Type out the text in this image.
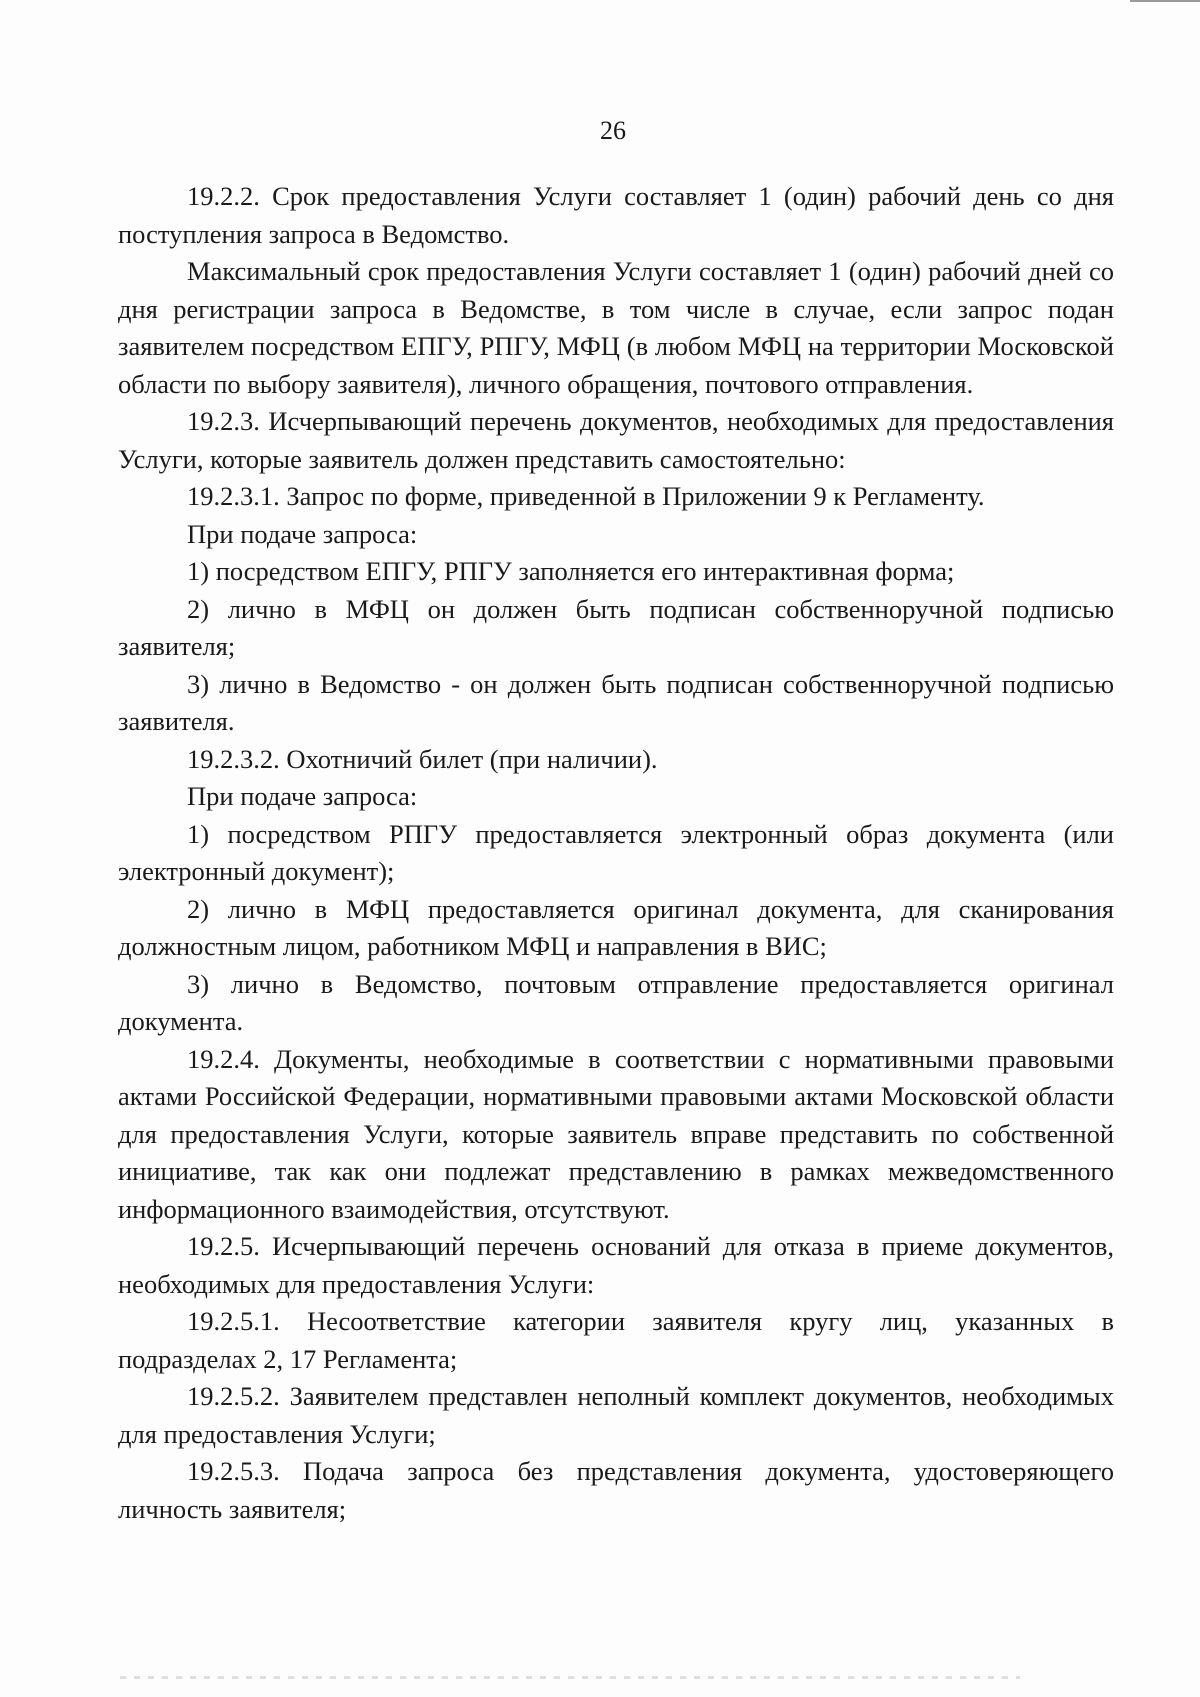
26

19.2.2. Срок предоставления Услуги составляет 1 (один) рабочий день со дня поступления запроса в Ведомство.

Максимальный срок предоставления Услуги составляет 1 (один) рабочий дней со дня регистрации запроса в Ведомстве, в том числе в случае, если запрос подан заявителем посредством ЕПГУ, РПГУ, МФЦ (в любом МФЦ на территории Московской области по выбору заявителя), личного обращения, почтового отправления.

19.2.3. Исчерпывающий перечень документов, необходимых для предоставления Услуги, которые заявитель должен представить самостоятельно:

19.2.3.1. Запрос по форме, приведенной в Приложении 9 к Регламенту.

При подаче запроса:

1) посредством ЕПГУ, РПГУ заполняется его интерактивная форма;

2) лично в МФЦ он должен быть подписан собственноручной подписью заявителя;

3) лично в Ведомство - он должен быть подписан собственноручной подписью заявителя.

19.2.3.2. Охотничий билет (при наличии).

При подаче запроса:

1) посредством РПГУ предоставляется электронный образ документа (или электронный документ);

2) лично в МФЦ предоставляется оригинал документа, для сканирования должностным лицом, работником МФЦ и направления в ВИС;

3) лично в Ведомство, почтовым отправление предоставляется оригинал документа.

19.2.4. Документы, необходимые в соответствии с нормативными правовыми актами Российской Федерации, нормативными правовыми актами Московской области для предоставления Услуги, которые заявитель вправе представить по собственной инициативе, так как они подлежат представлению в рамках межведомственного информационного взаимодействия, отсутствуют.

19.2.5. Исчерпывающий перечень оснований для отказа в приеме документов, необходимых для предоставления Услуги:

19.2.5.1. Несоответствие категории заявителя кругу лиц, указанных в подразделах 2, 17 Регламента;

19.2.5.2. Заявителем представлен неполный комплект документов, необходимых для предоставления Услуги;

19.2.5.3. Подача запроса без представления документа, удостоверяющего личность заявителя;
